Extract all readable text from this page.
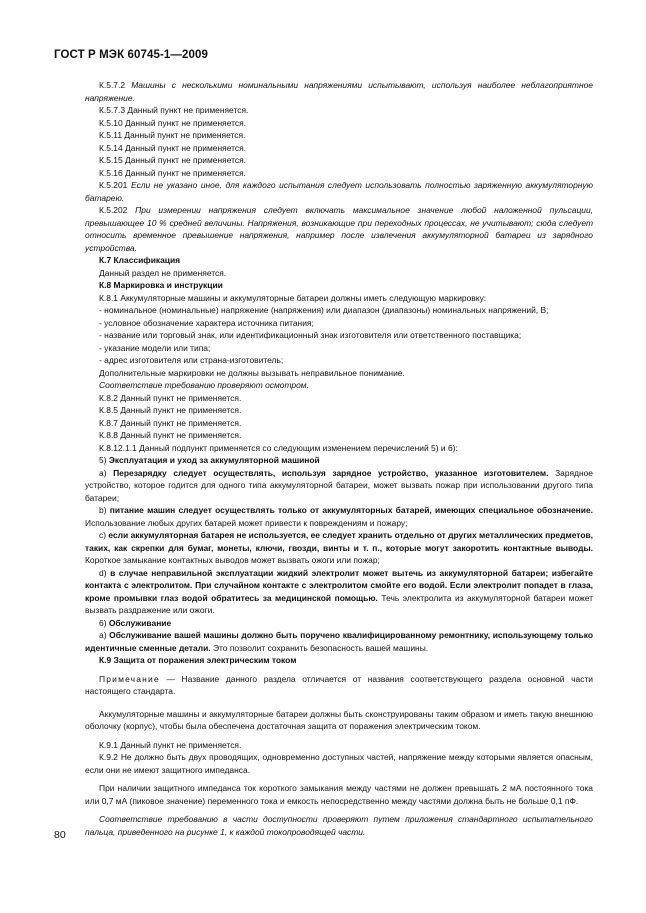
ГОСТ Р МЭК 60745-1—2009

К.5.7.2 Машины с несколькими номинальными напряжениями испытывают, используя наиболее неблагоприятное напряжение.

К.5.7.3 Данный пункт не применяется.

К.5.10 Данный пункт не применяется.

К.5.11 Данный пункт не применяется.

К.5.14 Данный пункт не применяется.

К.5.15 Данный пункт не применяется.

К.5.16 Данный пункт не применяется.

К.5.201 Если не указано иное, для каждого испытания следует использовать полностью заряженную аккумуляторную батарею.

К.5.202 При измерении напряжения следует включать максимальное значение любой наложенной пульсации, превышающее 10 % средней величины. Напряжения, возникающие при переходных процессах, не учитывают; сюда следует относить временное превышение напряжения, например после извлечения аккумуляторной батареи из зарядного устройства.

К.7 Классификация

Данный раздел не применяется.

К.8 Маркировка и инструкции

К.8.1 Аккумуляторные машины и аккумуляторные батареи должны иметь следующую маркировку:

- номинальное (номинальные) напряжение (напряжения) или диапазон (диапазоны) номинальных напряжений, В;

- условное обозначение характера источника питания;

- название или торговый знак, или идентификационный знак изготовителя или ответственного поставщика;

- указание модели или типа;

- адрес изготовителя или страна-изготовитель;

Дополнительные маркировки не должны вызывать неправильное понимание.

Соответствие требованию проверяют осмотром.

К.8.2 Данный пункт не применяется.

К.8.5 Данный пункт не применяется.

К.8.7 Данный пункт не применяется.

К.8.8 Данный пункт не применяется.

К.8.12.1.1 Данный подпункт применяется со следующим изменением перечислений 5) и 6):

5) Эксплуатация и уход за аккумуляторной машиной

а) Перезарядку следует осуществлять, используя зарядное устройство, указанное изготовителем. Зарядное устройство, которое годится для одного типа аккумуляторной батареи, может вызвать пожар при использовании другого типа батареи;

b) питание машин следует осуществлять только от аккумуляторных батарей, имеющих специальное обозначение. Использование любых других батарей может привести к повреждениям и пожару;

с) если аккумуляторная батарея не используется, ее следует хранить отдельно от других металлических предметов, таких, как скрепки для бумаг, монеты, ключи, гвозди, винты и т. п., которые могут закоротить контактные выводы. Короткое замыкание контактных выводов может вызвать ожоги или пожар;

d) в случае неправильной эксплуатации жидкий электролит может вытечь из аккумуляторной батареи; избегайте контакта с электролитом. При случайном контакте с электролитом смойте его водой. Если электролит попадет в глаза, кроме промывки глаз водой обратитесь за медицинской помощью. Течь электролита из аккумуляторной батареи может вызвать раздражение или ожоги.

6) Обслуживание

а) Обслуживание вашей машины должно быть поручено квалифицированному ремонтнику, использующему только идентичные сменные детали. Это позволит сохранить безопасность вашей машины.

К.9 Защита от поражения электрическим током

Примечание — Название данного раздела отличается от названия соответствующего раздела основной части настоящего стандарта.

Аккумуляторные машины и аккумуляторные батареи должны быть сконструированы таким образом и иметь такую внешнюю оболочку (корпус), чтобы была обеспечена достаточная защита от поражения электрическим током.

К.9.1 Данный пункт не применяется.

К.9.2 Не должно быть двух проводящих, одновременно доступных частей, напряжение между которыми является опасным, если они не имеют защитного импеданса.

При наличии защитного импеданса ток короткого замыкания между частями не должен превышать 2 мА постоянного тока или 0,7 мА (пиковое значение) переменного тока и емкость непосредственно между частями должна быть не больше 0,1 пФ.

Соответствие требованию в части доступности проверяют путем приложения стандартного испытательного пальца, приведенного на рисунке 1, к каждой токопроводящей части.

80
